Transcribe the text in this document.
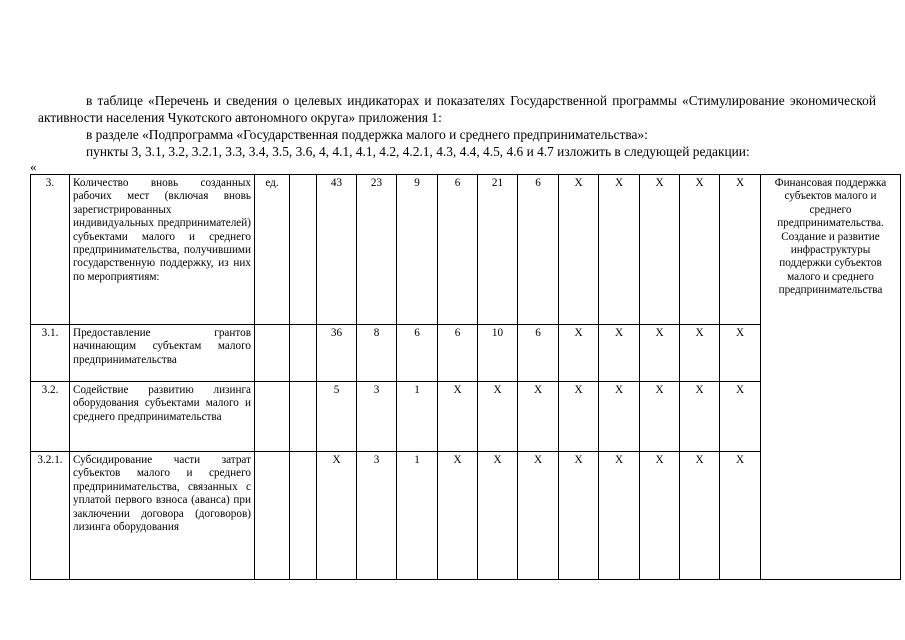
в таблице «Перечень и сведения о целевых индикаторах и показателях Государственной программы «Стимулирование экономической активности населения Чукотского автономного округа» приложения 1:

в разделе «Подпрограмма «Государственная поддержка малого и среднего предпринимательства»:

пункты 3, 3.1, 3.2, 3.2.1, 3.3, 3.4, 3.5, 3.6, 4, 4.1, 4.1, 4.2, 4.2.1, 4.3, 4.4, 4.5, 4.6 и 4.7 изложить в следующей редакции:

«
3.	Количество вновь созданных рабочих мест (включая вновь зарегистрированных индивидуальных предпринимателей) субъектами малого и среднего предпринимательства, получившими государственную поддержку, из них по мероприятиям:	ед.		43	23	9	6	21	6	X	X	X	X	X	Финансовая поддержка субъектов малого и среднего предпринимательства. Создание и развитие инфраструктуры поддержки субъектов малого и среднего предпринимательства
3.1.	Предоставление грантов начинающим субъектам малого предпринимательства			36	8	6	6	10	6	X	X	X	X	X	
3.2.	Содействие развитию лизинга оборудования субъектами малого и среднего предпринимательства			5	3	1	X	X	X	X	X	X	X	X	
3.2.1.	Субсидирование части затрат субъектов малого и среднего предпринимательства, связанных с уплатой первого взноса (аванса) при заключении договора (договоров) лизинга оборудования			X	3	1	X	X	X	X	X	X	X	X	
